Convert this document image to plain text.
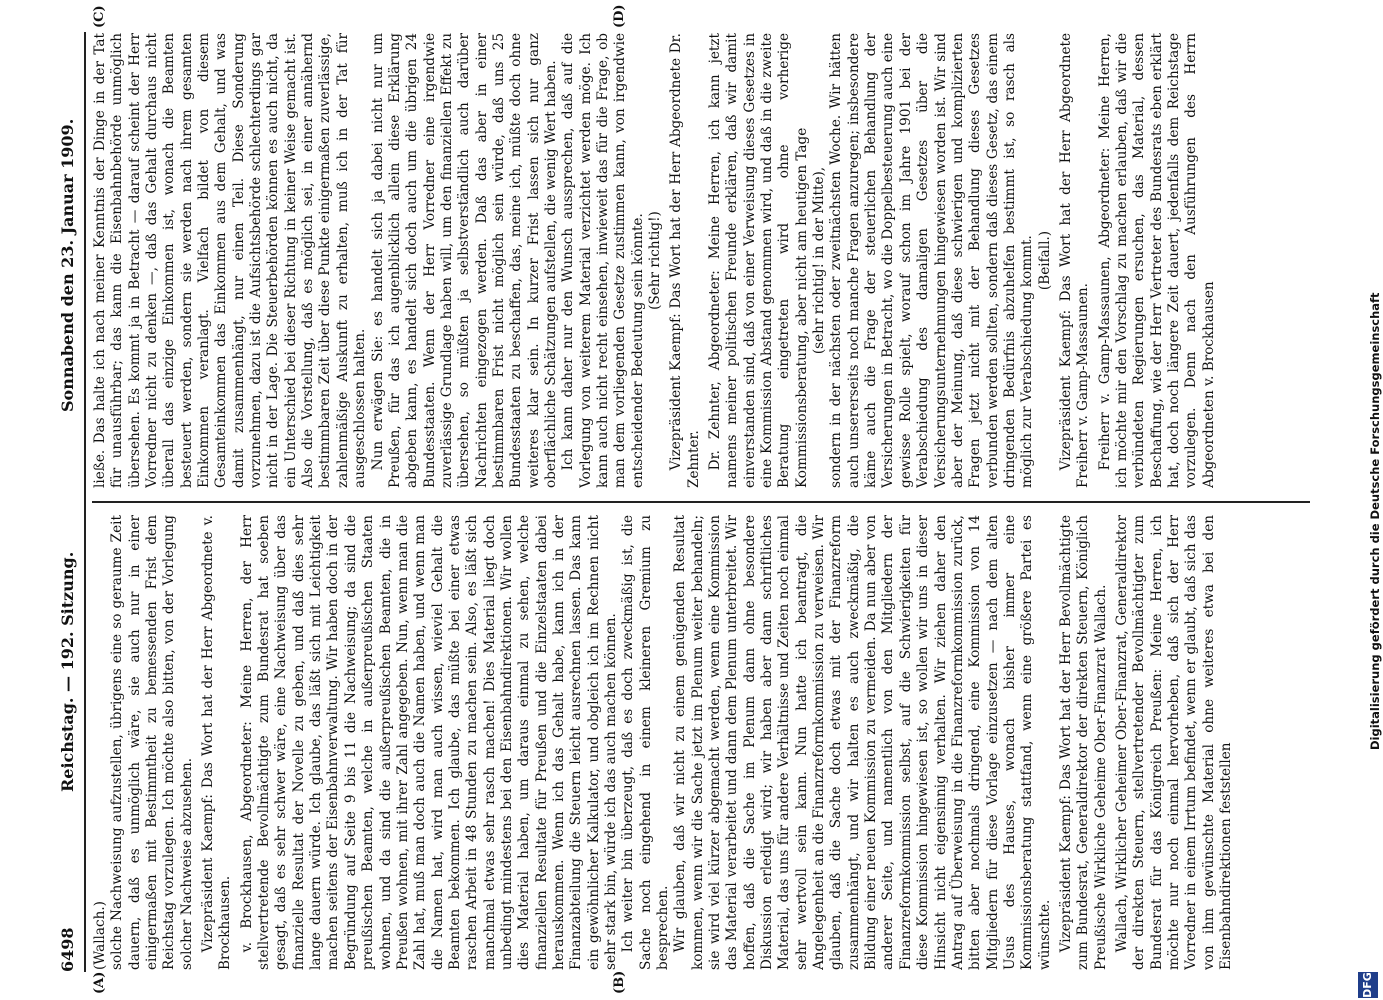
6498
Reichstag. — 192. Sitzung.
Sonnabend den 23. Januar 1909.
(A)	(B)
(C)	(D)

(Wallach.) solche Nachweisung aufzustellen, übrigens eine so geraume Zeit dauern, daß es unmöglich wäre, sie auch nur in einer einigermaßen mit Bestimmtheit zu bemessenden Frist dem Reichstag vorzulegen. Ich möchte also bitten, von der Vorlegung solcher Nachweise abzusehen. Vizepräsident Kaempf: Das Wort hat der Herr Abgeordnete v. Brockhausen. v. Brockhausen, Abgeordneter: Meine Herren, der Herr stellvertretende Bevollmächtigte zum Bundesrat hat soeben gesagt, daß es sehr schwer wäre, eine Nachweisung über das finanzielle Resultat der Novelle zu geben, und daß dies sehr lange dauern würde. Ich glaube, das läßt sich mit Leichtigkeit machen seitens der Eisenbahnverwaltung. Wir haben doch in der Begründung auf Seite 9 bis 11 die Nachweisung; da sind die preußischen Beamten, welche in außerpreußischen Staaten wohnen, und da sind die außerpreußischen Beamten, die in Preußen wohnen, mit ihrer Zahl angegeben. Nun, wenn man die Zahl hat, muß man doch auch die Namen haben, und wenn man die Namen hat, wird man auch wissen, wieviel Gehalt die Beamten bekommen. Ich glaube, das müßte bei einer etwas raschen Arbeit in 48 Stunden zu machen sein. Also, es läßt sich manchmal etwas sehr rasch machen! Dies Material liegt doch unbedingt mindestens bei den Eisenbahndirektionen. Wir wollen dies Material haben, um daraus einmal zu sehen, welche finanziellen Resultate für Preußen und die Einzelstaaten dabei herauskommen. Wenn ich das Gehalt habe, kann ich in der Finanzabteilung die Steuern leicht ausrechnen lassen. Das kann ein gewöhnlicher Kalkulator, und obgleich ich im Rechnen nicht sehr stark bin, würde ich das auch machen können. Ich weiter bin überzeugt, daß es doch zweckmäßig ist, die Sache noch eingehend in einem kleineren Gremium zu besprechen. Wir glauben, daß wir nicht zu einem genügenden Resultat kommen, wenn wir die Sache jetzt im Plenum weiter behandeln; sie wird viel kürzer abgemacht werden, wenn eine Kommission das Material verarbeitet und dann dem Plenum unterbreitet. Wir hoffen, daß die Sache im Plenum dann ohne besondere Diskussion erledigt wird; wir haben aber dann schriftliches Material, das uns für andere Verhältnisse und Zeiten noch einmal sehr wertvoll sein kann. Nun hatte ich beantragt, die Angelegenheit an die Finanzreformkommission zu verweisen. Wir glauben, daß die Sache doch etwas mit der Finanzreform zusammenhängt, und wir halten es auch zweckmäßig, die Bildung einer neuen Kommission zu vermeiden. Da nun aber von anderer Seite, und namentlich von den Mitgliedern der Finanzreformkommission selbst, auf die Schwierigkeiten für diese Kommission hingewiesen ist, so wollen wir uns in dieser Hinsicht nicht eigensinnig verhalten. Wir ziehen daher den Antrag auf Überweisung in die Finanzreformkommission zurück, bitten aber nochmals dringend, eine Kommission von 14 Mitgliedern für diese Vorlage einzusetzen — nach dem alten Usus des Hauses, wonach bisher immer eine Kommissionsberatung stattfand, wenn eine größere Partei es wünschte. Vizepräsident Kaempf: Das Wort hat der Herr Bevollmächtigte zum Bundesrat, Generaldirektor der direkten Steuern, Königlich Preußische Wirkliche Geheime Ober-Finanzrat Wallach. Wallach, Wirklicher Geheimer Ober-Finanzrat, Generaldirektor der direkten Steuern, stellvertretender Bevollmächtigter zum Bundesrat für das Königreich Preußen: Meine Herren, ich möchte nur noch einmal hervorheben, daß sich der Herr Vorredner in einem Irrtum befindet, wenn er glaubt, daß sich das von ihm gewünschte Material ohne weiteres etwa bei den Eisenbahndirektionen feststellen

ließe. Das halte ich nach meiner Kenntnis der Dinge in der Tat für unausführbar; das kann die Eisenbahnbehörde unmöglich übersehen. Es kommt ja in Betracht — darauf scheint der Herr Vorredner nicht zu denken —, daß das Gehalt durchaus nicht überall das einzige Einkommen ist, wonach die Beamten besteuert werden, sondern sie werden nach ihrem gesamten Einkommen veranlagt. Vielfach bildet von diesem Gesamteinkommen das Einkommen aus dem Gehalt, und was damit zusammenhängt, nur einen Teil. Diese Sonderung vorzunehmen, dazu ist die Aufsichtsbehörde schlechterdings gar nicht in der Lage. Die Steuerbehörden können es auch nicht, da ein Unterschied bei dieser Richtung in keiner Weise gemacht ist. Also die Vorstellung, daß es möglich sei, in einer annähernd bestimmbaren Zeit über diese Punkte einigermaßen zuverlässige, zahlenmäßige Auskunft zu erhalten, muß ich in der Tat für ausgeschlossen halten. Nun erwägen Sie: es handelt sich ja dabei nicht nur um Preußen, für das ich augenblicklich allein diese Erklärung abgeben kann, es handelt sich doch auch um die übrigen 24 Bundesstaaten. Wenn der Herr Vorredner eine irgendwie zuverlässige Grundlage haben will, um den finanziellen Effekt zu übersehen, so müßten ja selbstverständlich auch darüber Nachrichten eingezogen werden. Daß das aber in einer bestimmbaren Frist nicht möglich sein würde, daß uns 25 Bundesstaaten zu beschaffen, das, meine ich, müßte doch ohne weiteres klar sein. In kurzer Frist lassen sich nur ganz oberflächliche Schätzungen aufstellen, die wenig Wert haben. Ich kann daher nur den Wunsch aussprechen, daß auf die Vorlegung von weiterem Material verzichtet werden möge. Ich kann auch nicht recht einsehen, inwieweit das für die Frage, ob man dem vorliegenden Gesetze zustimmen kann, von irgendwie entscheidender Bedeutung sein könnte. (Sehr richtig!) Vizepräsident Kaempf: Das Wort hat der Herr Abgeordnete Dr. Zehnter. Dr. Zehnter, Abgeordneter: Meine Herren, ich kann jetzt namens meiner politischen Freunde erklären, daß wir damit einverstanden sind, daß von einer Verweisung dieses Gesetzes in eine Kommission Abstand genommen wird, und daß in die zweite Beratung eingetreten wird ohne vorherige Kommissionsberatung, aber nicht am heutigen Tage (sehr richtig! in der Mitte), sondern in der nächsten oder zweitnächsten Woche. Wir hätten auch unsererseits noch manche Fragen anzuregen; insbesondere käme auch die Frage der steuerlichen Behandlung der Versicherungen in Betracht, wo die Doppelbesteuerung auch eine gewisse Rolle spielt, worauf schon im Jahre 1901 bei der Verabschiedung des damaligen Gesetzes über die Versicherungsunternehmungen hingewiesen worden ist. Wir sind aber der Meinung, daß diese schwierigen und komplizierten Fragen jetzt nicht mit der Behandlung dieses Gesetzes verbunden werden sollten, sondern daß dieses Gesetz, das einem dringenden Bedürfnis abzuhelfen bestimmt ist, so rasch als möglich zur Verabschiedung kommt. (Beifall.) Vizepräsident Kaempf: Das Wort hat der Herr Abgeordnete Freiherr v. Gamp-Massaunen. Freiherr v. Gamp-Massaunen, Abgeordneter: Meine Herren, ich möchte mir den Vorschlag zu machen erlauben, daß wir die verbündeten Regierungen ersuchen, das Material, dessen Beschaffung, wie der Herr Vertreter des Bundesrats eben erklärt hat, doch noch längere Zeit dauert, jedenfalls dem Reichstage vorzulegen. Denn nach den Ausführungen des Herrn Abgeordneten v. Brockhausen

DFG
Digitalisierung gefördert durch die Deutsche Forschungsgemeinschaft
